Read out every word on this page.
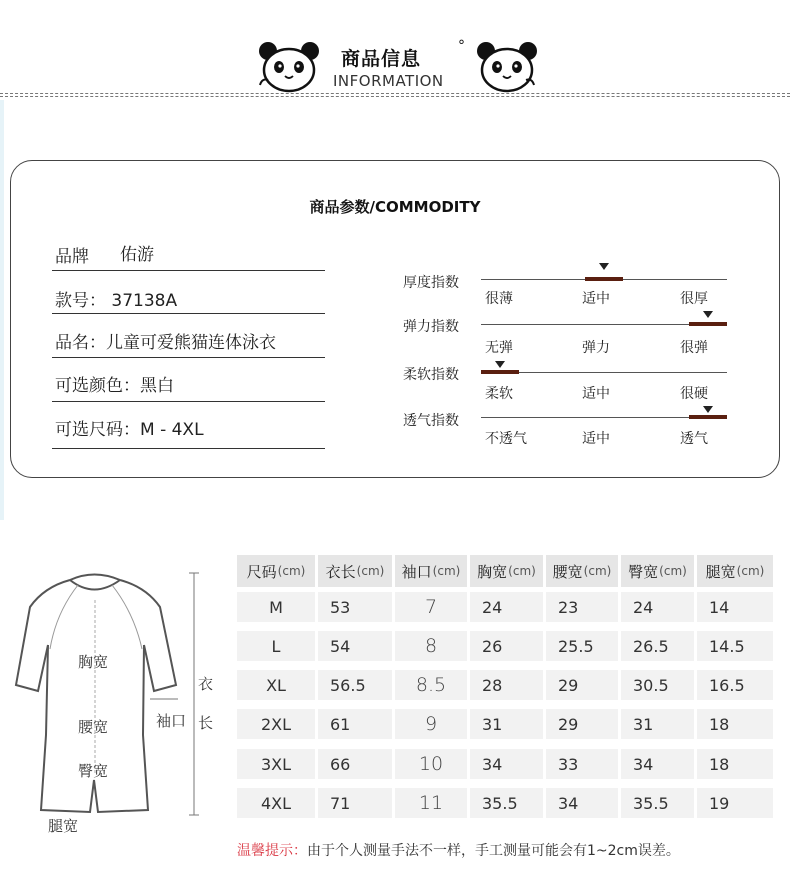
商品信息
°
INFORMATION
商品参数/COMMODITY
品牌 佑游
款号： 37138A
品名：儿童可爱熊猫连体泳衣
可选颜色：黑白
可选尺码：M - 4XL
厚度指数
很薄	适中	很厚
弹力指数
无弹	弹力	很弹
柔软指数
柔软	适中	很硬
透气指数
不透气	适中	透气
胸宽
腰宽
臀宽
腿宽
袖口
衣
长
尺码 (cm) 衣长 (cm) 袖口 (cm) 胸宽 (cm) 腰宽 (cm) 臀宽 (cm) 腿宽 (cm)
M	53	7	24	23	24	14
L	54	8	26	25.5	26.5	14.5
XL	56.5	8.5	28	29	30.5	16.5
2XL	61	9	31	29	31	18
3XL	66	10	34	33	34	18
4XL	71	11	35.5	34	35.5	19
温馨提示：由于个人测量手法不一样，手工测量可能会有1~2cm误差。
